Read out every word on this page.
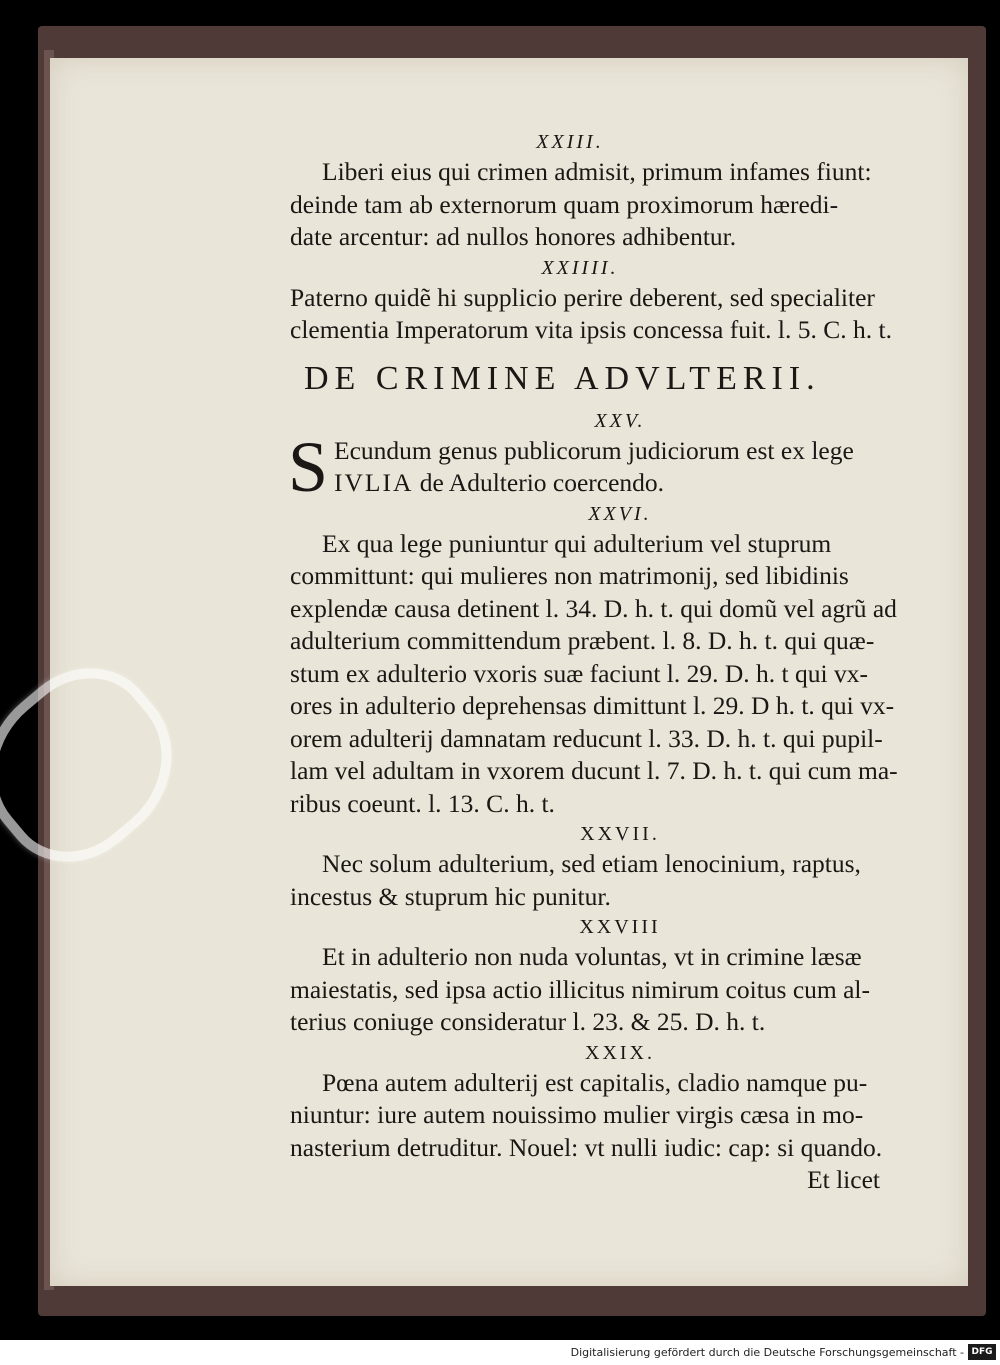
XXIII.

Liberi eius qui crimen admisit, primum infames fiunt:
deinde tam ab externorum quam proximorum hæredi-
date arcentur: ad nullos honores adhibentur.

XXIIII.

Paterno quidẽ hi supplicio perire deberent, sed specialiter
clementia Imperatorum vita ipsis concessa fuit. l. 5. C. h. t.

DE CRIMINE ADVLTERII.

XXV.

S Ecundum genus publicorum judiciorum est ex lege
IVLIA de Adulterio coercendo.

XXVI.

Ex qua lege puniuntur qui adulterium vel stuprum
committunt: qui mulieres non matrimonij, sed libidinis
explendæ causa detinent l. 34. D. h. t. qui domũ vel agrũ ad
adulterium committendum præbent. l. 8. D. h. t. qui quæ-
stum ex adulterio vxoris suæ faciunt l. 29. D. h. t qui vx-
ores in adulterio deprehensas dimittunt l. 29. D h. t. qui vx-
orem adulterij damnatam reducunt l. 33. D. h. t. qui pupil-
lam vel adultam in vxorem ducunt l. 7. D. h. t. qui cum ma-
ribus coeunt. l. 13. C. h. t.

XXVII.

Nec solum adulterium, sed etiam lenocinium, raptus,
incestus & stuprum hic punitur.

XXVIII

Et in adulterio non nuda voluntas, vt in crimine læsæ
maiestatis, sed ipsa actio illicitus nimirum coitus cum al-
terius coniuge consideratur l. 23. & 25. D. h. t.

XXIX.

Pœna autem adulterij est capitalis, cladio namque pu-
niuntur: iure autem nouissimo mulier virgis cæsa in mo-
nasterium detruditur. Nouel: vt nulli iudic: cap: si quando.

Et licet

Digitalisierung gefördert durch die Deutsche Forschungsgemeinschaft - DFG
